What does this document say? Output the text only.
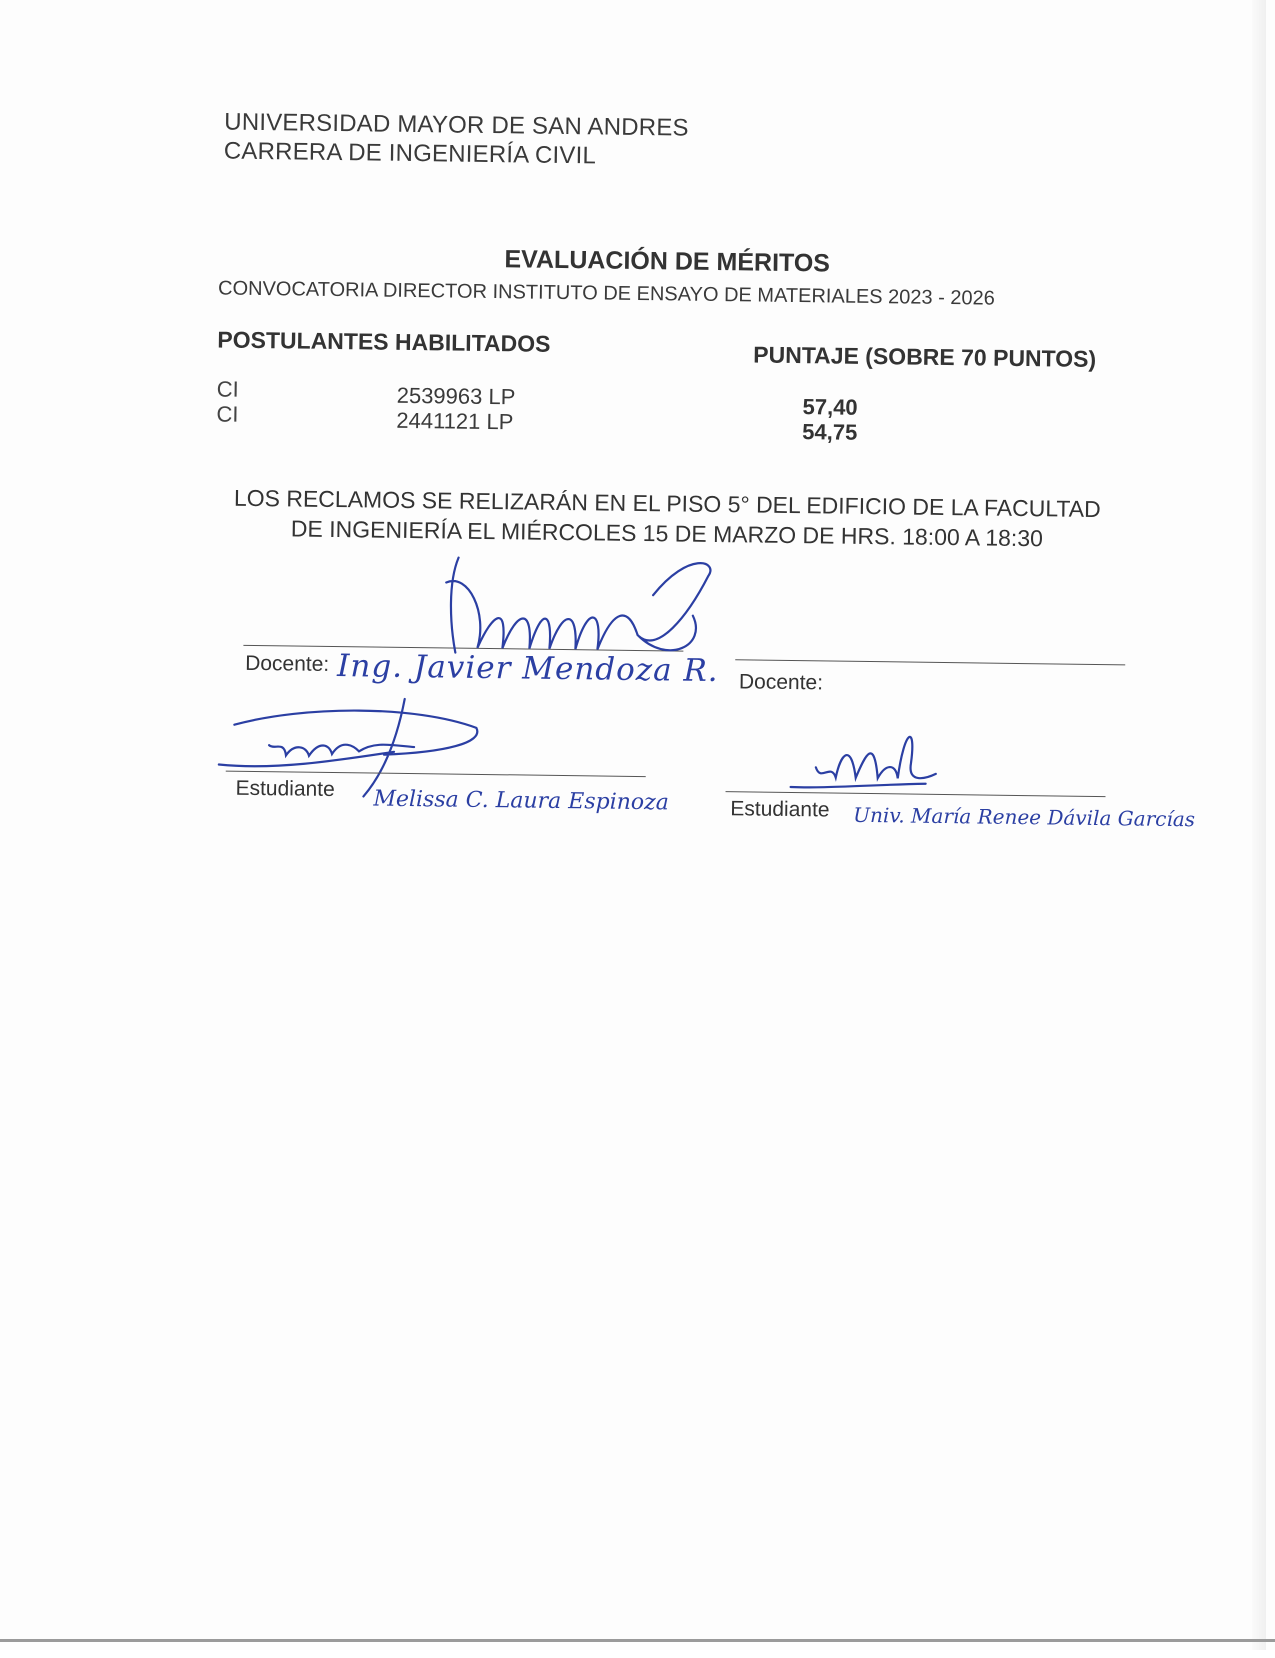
UNIVERSIDAD MAYOR DE SAN ANDRES
CARRERA DE INGENIERÍA CIVIL
EVALUACIÓN DE MÉRITOS
CONVOCATORIA DIRECTOR INSTITUTO DE ENSAYO DE MATERIALES 2023 - 2026
POSTULANTES HABILITADOS	PUNTAJE (SOBRE 70 PUNTOS)
CI	2539963 LP	57,40
CI	2441121 LP	54,75
LOS RECLAMOS SE RELIZARÁN EN EL PISO 5° DEL EDIFICIO DE LA FACULTAD
DE INGENIERÍA EL MIÉRCOLES 15 DE MARZO DE HRS. 18:00 A 18:30
Docente: Ing. Javier Mendoza R. Docente:
Estudiante Melissa C. Laura Espinoza	Estudiante Univ. María Renee Dávila Garcías
